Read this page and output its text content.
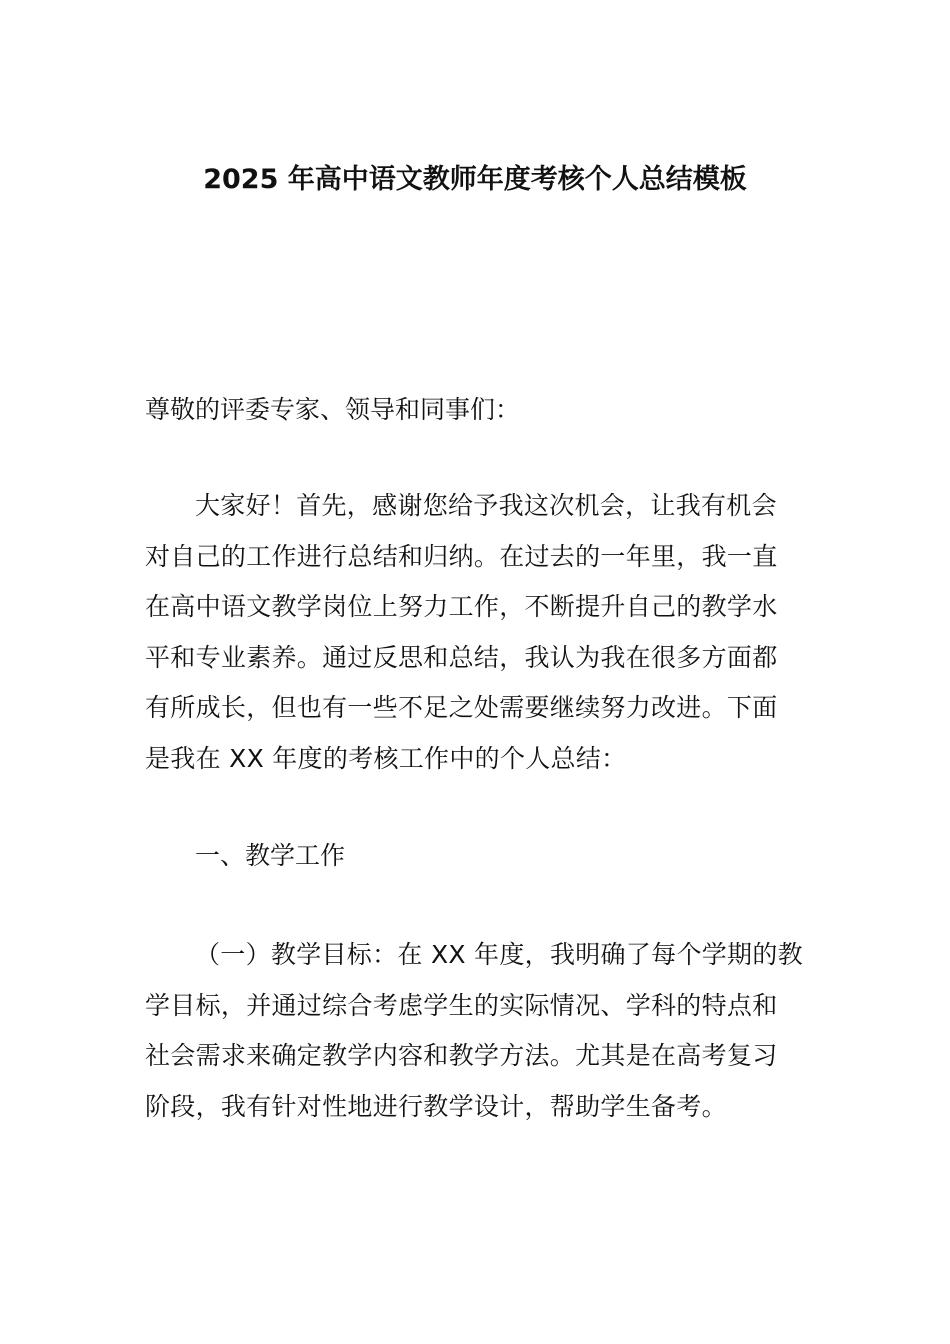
2025 年高中语文教师年度考核个人总结模板
尊敬的评委专家、领导和同事们：
大家好！首先，感谢您给予我这次机会，让我有机会
对自己的工作进行总结和归纳。在过去的一年里，我一直
在高中语文教学岗位上努力工作，不断提升自己的教学水
平和专业素养。通过反思和总结，我认为我在很多方面都
有所成长，但也有一些不足之处需要继续努力改进。下面
是我在 XX 年度的考核工作中的个人总结：
一、教学工作
（一）教学目标：在 XX 年度，我明确了每个学期的教
学目标，并通过综合考虑学生的实际情况、学科的特点和
社会需求来确定教学内容和教学方法。尤其是在高考复习
阶段，我有针对性地进行教学设计，帮助学生备考。
